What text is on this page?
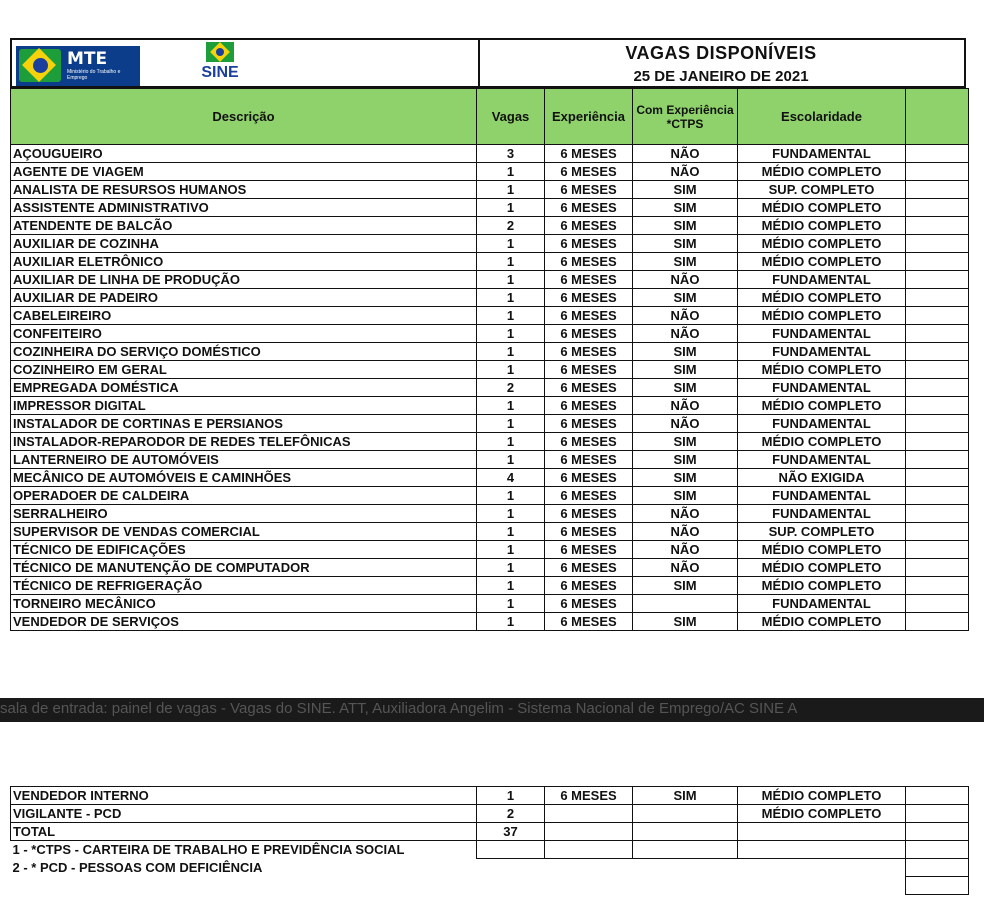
MTE
Ministério do Trabalho e Emprego	SINE
VAGAS DISPONÍVEIS
25 DE JANEIRO DE 2021
Descrição	Vagas	Experiência	Com Experiência *CTPS	Escolaridade	
AÇOUGUEIRO	3	6 MESES	NÃO	FUNDAMENTAL	
AGENTE DE VIAGEM	1	6 MESES	NÃO	MÉDIO COMPLETO	
ANALISTA DE RESURSOS HUMANOS	1	6 MESES	SIM	SUP. COMPLETO	
ASSISTENTE ADMINISTRATIVO	1	6 MESES	SIM	MÉDIO COMPLETO	
ATENDENTE DE BALCÃO	2	6 MESES	SIM	MÉDIO COMPLETO	
AUXILIAR DE COZINHA	1	6 MESES	SIM	MÉDIO COMPLETO	
AUXILIAR ELETRÔNICO	1	6 MESES	SIM	MÉDIO COMPLETO	
AUXILIAR DE LINHA DE PRODUÇÃO	1	6 MESES	NÃO	FUNDAMENTAL	
AUXILIAR DE PADEIRO	1	6 MESES	SIM	MÉDIO COMPLETO	
CABELEIREIRO	1	6 MESES	NÃO	MÉDIO COMPLETO	
CONFEITEIRO	1	6 MESES	NÃO	FUNDAMENTAL	
COZINHEIRA DO SERVIÇO DOMÉSTICO	1	6 MESES	SIM	FUNDAMENTAL	
COZINHEIRO EM GERAL	1	6 MESES	SIM	MÉDIO COMPLETO	
EMPREGADA DOMÉSTICA	2	6 MESES	SIM	FUNDAMENTAL	
IMPRESSOR DIGITAL	1	6 MESES	NÃO	MÉDIO COMPLETO	
INSTALADOR DE CORTINAS E PERSIANOS	1	6 MESES	NÃO	FUNDAMENTAL	
INSTALADOR-REPARODOR DE REDES TELEFÔNICAS	1	6 MESES	SIM	MÉDIO COMPLETO	
LANTERNEIRO DE AUTOMÓVEIS	1	6 MESES	SIM	FUNDAMENTAL	
MECÂNICO DE AUTOMÓVEIS E CAMINHÕES	4	6 MESES	SIM	NÃO EXIGIDA	
OPERADOER DE CALDEIRA	1	6 MESES	SIM	FUNDAMENTAL	
SERRALHEIRO	1	6 MESES	NÃO	FUNDAMENTAL	
SUPERVISOR DE VENDAS COMERCIAL	1	6 MESES	NÃO	SUP. COMPLETO	
TÉCNICO DE EDIFICAÇÕES	1	6 MESES	NÃO	MÉDIO COMPLETO	
TÉCNICO DE MANUTENÇÃO DE COMPUTADOR	1	6 MESES	NÃO	MÉDIO COMPLETO	
TÉCNICO DE REFRIGERAÇÃO	1	6 MESES	SIM	MÉDIO COMPLETO	
TORNEIRO MECÂNICO	1	6 MESES		FUNDAMENTAL	
VENDEDOR DE SERVIÇOS	1	6 MESES	SIM	MÉDIO COMPLETO	
sala de entrada: painel de vagas - Vagas do SINE. ATT, Auxiliadora Angelim - Sistema Nacional de Emprego/AC SINE A
VENDEDOR INTERNO	1	6 MESES	SIM	MÉDIO COMPLETO	
VIGILANTE - PCD	2			MÉDIO COMPLETO	
TOTAL	37				
1 - *CTPS - CARTEIRA DE TRABALHO E PREVIDÊNCIA SOCIAL					
2 - * PCD - PESSOAS COM DEFICIÊNCIA					
